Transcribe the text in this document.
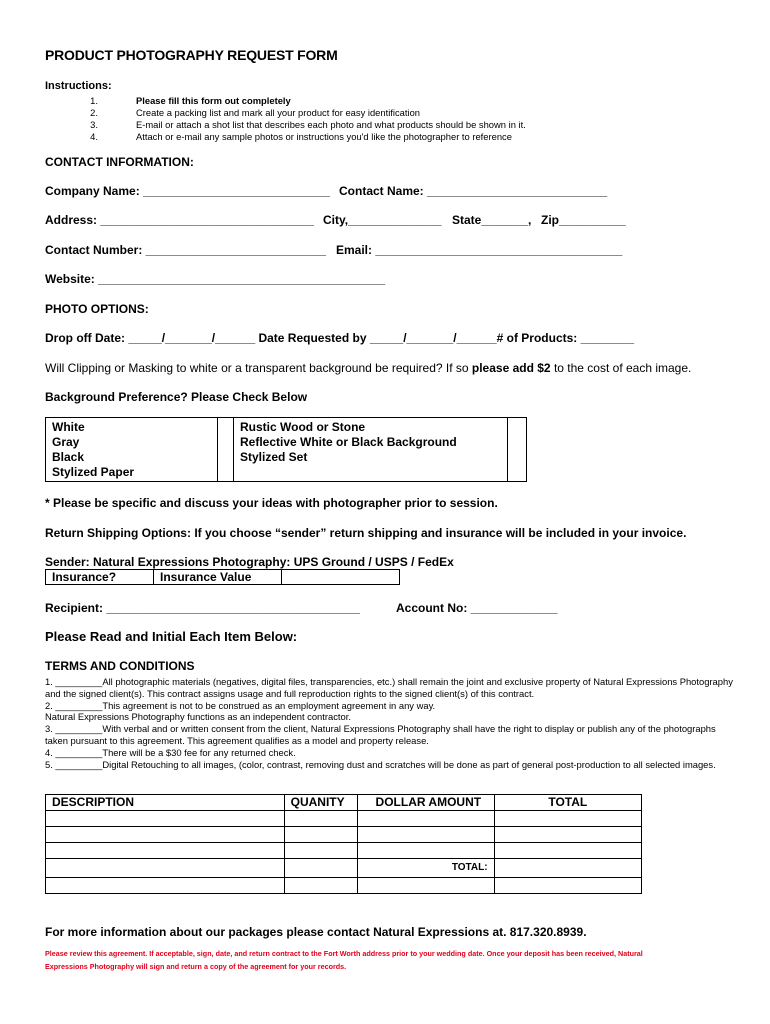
PRODUCT PHOTOGRAPHY REQUEST FORM
Instructions:
1.	Please fill this form out completely
2.	Create a packing list and mark all your product for easy identification
3.	E-mail or attach a shot list that describes each photo and what products should be shown in it.
4.	Attach or e-mail any sample photos or instructions you'd like the photographer to reference
CONTACT INFORMATION:
Company Name: ____________________________ Contact Name: ___________________________
Address: ________________________________ City,______________ State_______, Zip__________
Contact Number: ___________________________ Email: _____________________________________
Website: ___________________________________________
PHOTO OPTIONS:
Drop off Date: _____/_______/______ Date Requested by _____/_______/______# of Products: ________
Will Clipping or Masking to white or a transparent background be required? If so please add $2 to the cost of each image.
Background Preference? Please Check Below
White
Gray
Black
Stylized Paper

Rustic Wood or Stone
Reflective White or Black Background
Stylized Set

* Please be specific and discuss your ideas with photographer prior to session.
Return Shipping Options: If you choose “sender” return shipping and insurance will be included in your invoice.
Sender: Natural Expressions Photography: UPS Ground / USPS / FedEx
Insurance?	Insurance Value	
Recipient: ______________________________________	Account No: _____________
Please Read and Initial Each Item Below:
TERMS AND CONDITIONS

1. _________All photographic materials (negatives, digital files, transparencies, etc.) shall remain the joint and exclusive property of Natural Expressions Photography and the signed client(s). This contract assigns usage and full reproduction rights to the signed client(s) of this contract.

2. _________This agreement is not to be construed as an employment agreement in any way.

Natural Expressions Photography functions as an independent contractor.

3. _________With verbal and or written consent from the client, Natural Expressions Photography shall have the right to display or publish any of the photographs taken pursuant to this agreement. This agreement qualifies as a model and property release.

4. _________There will be a $30 fee for any returned check.

5. _________Digital Retouching to all images, (color, contrast, removing dust and scratches will be done as part of general post-production to all selected images.

DESCRIPTION	QUANITY	DOLLAR AMOUNT	TOTAL

		TOTAL:	

For more information about our packages please contact Natural Expressions at. 817.320.8939.
Please review this agreement. If acceptable, sign, date, and return contract to the Fort Worth address prior to your wedding date. Once your deposit has been received, Natural Expressions Photography will sign and return a copy of the agreement for your records.
